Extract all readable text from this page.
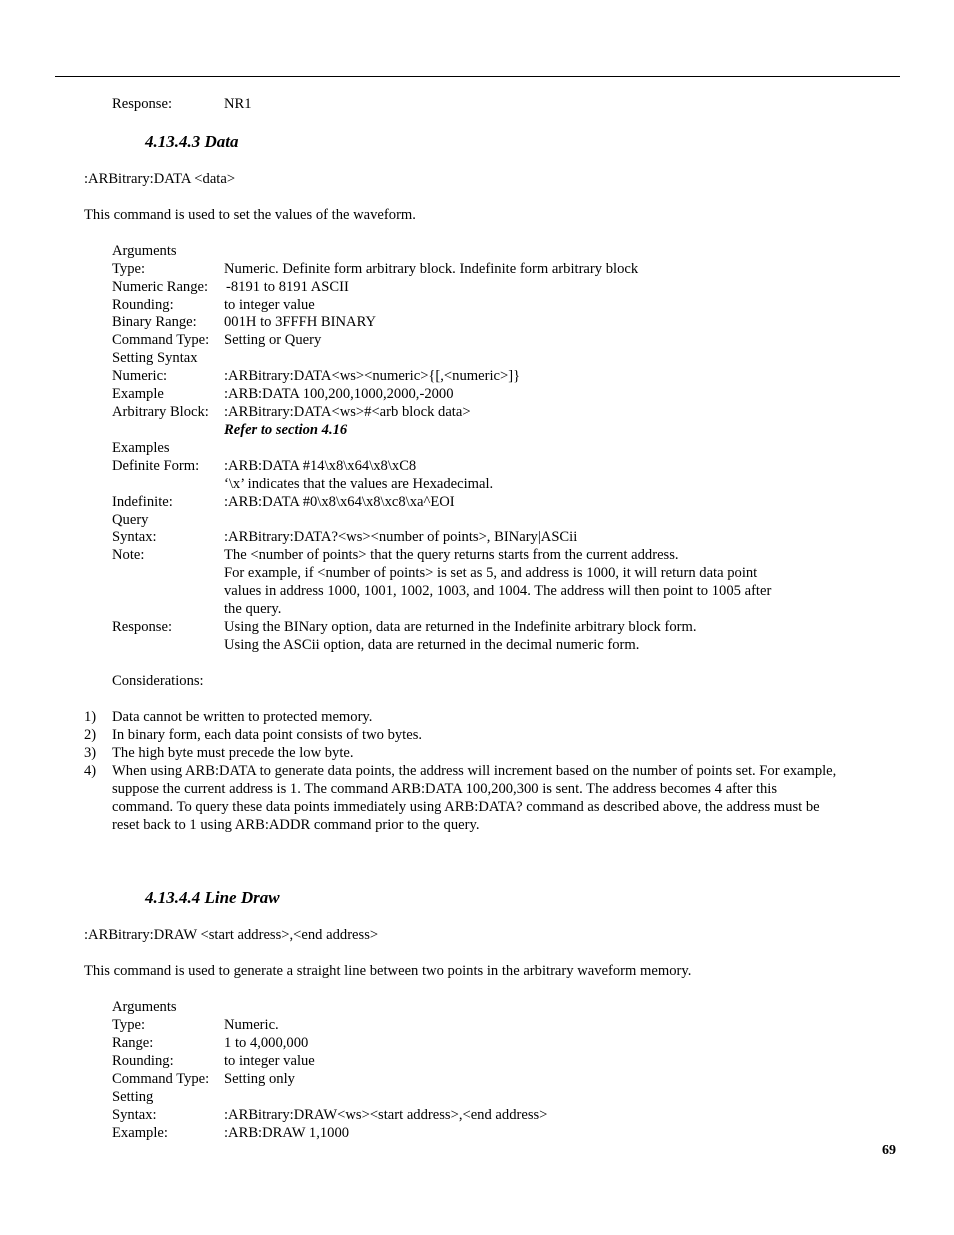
Response:	NR1
4.13.4.3 Data
:ARBitrary:DATA <data>
This command is used to set the values of the waveform.
Arguments
Type:	Numeric. Definite form arbitrary block. Indefinite form arbitrary block
Numeric Range: -8191 to 8191 ASCII
Rounding:	to integer value
Binary Range: 001H to 3FFFH BINARY
Command Type: Setting or Query
Setting Syntax
Numeric:	:ARBitrary:DATA<ws><numeric>{[,<numeric>]}
Example	:ARB:DATA 100,200,1000,2000,-2000
Arbitrary Block: :ARBitrary:DATA<ws>#<arb block data>
Refer to section 4.16
Examples
Definite Form: :ARB:DATA #14\x8\x64\x8\xC8
‘\x’ indicates that the values are Hexadecimal.
Indefinite:	:ARB:DATA #0\x8\x64\x8\xc8\xa^EOI
Query
Syntax:	:ARBitrary:DATA?<ws><number of points>, BINary|ASCii
Note:	The <number of points> that the query returns starts from the current address.
For example, if <number of points> is set as 5, and address is 1000, it will return data point
values in address 1000, 1001, 1002, 1003, and 1004. The address will then point to 1005 after
the query.
Response:	Using the BINary option, data are returned in the Indefinite arbitrary block form.
Using the ASCii option, data are returned in the decimal numeric form.
Considerations:
1) Data cannot be written to protected memory.
2) In binary form, each data point consists of two bytes.
3) The high byte must precede the low byte.
4) When using ARB:DATA to generate data points, the address will increment based on the number of points set. For example,
suppose the current address is 1. The command ARB:DATA 100,200,300 is sent. The address becomes 4 after this
command. To query these data points immediately using ARB:DATA? command as described above, the address must be
reset back to 1 using ARB:ADDR command prior to the query.
4.13.4.4 Line Draw
:ARBitrary:DRAW <start address>,<end address>
This command is used to generate a straight line between two points in the arbitrary waveform memory.
Arguments
Type:	Numeric.
Range:	1 to 4,000,000
Rounding:	to integer value
Command Type: Setting only
Setting
Syntax:	:ARBitrary:DRAW<ws><start address>,<end address>
Example:	:ARB:DRAW 1,1000
69
